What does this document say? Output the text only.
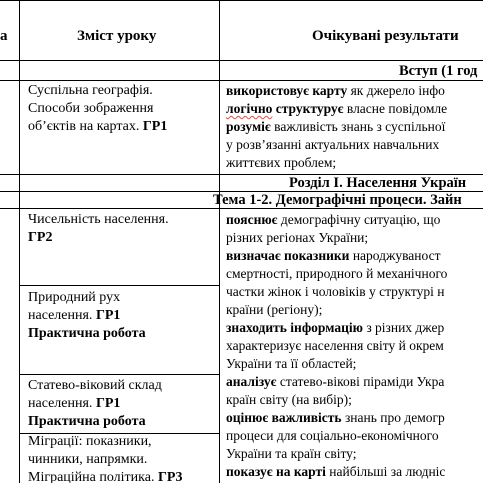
а	Зміст уроку	Очікувані результати
Вступ (1 год
Суспільна географія.
Способи зображення
об’єктів на картах. ГР1
використовує карту як джерело інфо
логічно структурує власне повідомле
розуміє важливість знань з суспільної
у розв’язанні актуальних навчальних
життєвих проблем;
Розділ І. Населення Україн
Тема 1-2. Демографічні процеси. Зайн
Чисельність населення.
ГР2
Природний рух
населення. ГР1
Практична робота
Статево-віковий склад
населення. ГР1
Практична робота
Міграції: показники,
чинники, напрямки.
Міграційна політика. ГР3
пояснює демографічну ситуацію, що
різних регіонах України;
визначає показники народжуваност
смертності, природного й механічного
частки жінок і чоловіків у структурі н
країни (регіону);
знаходить інформацію з різних джер
характеризує населення світу й окрем
України та її областей;
аналізує статево-вікові піраміди Укра
країн світу (на вибір);
оцінює важливість знань про демогр
процеси для соціально-економічного
України та країн світу;
показує на карті найбільші за людніс
